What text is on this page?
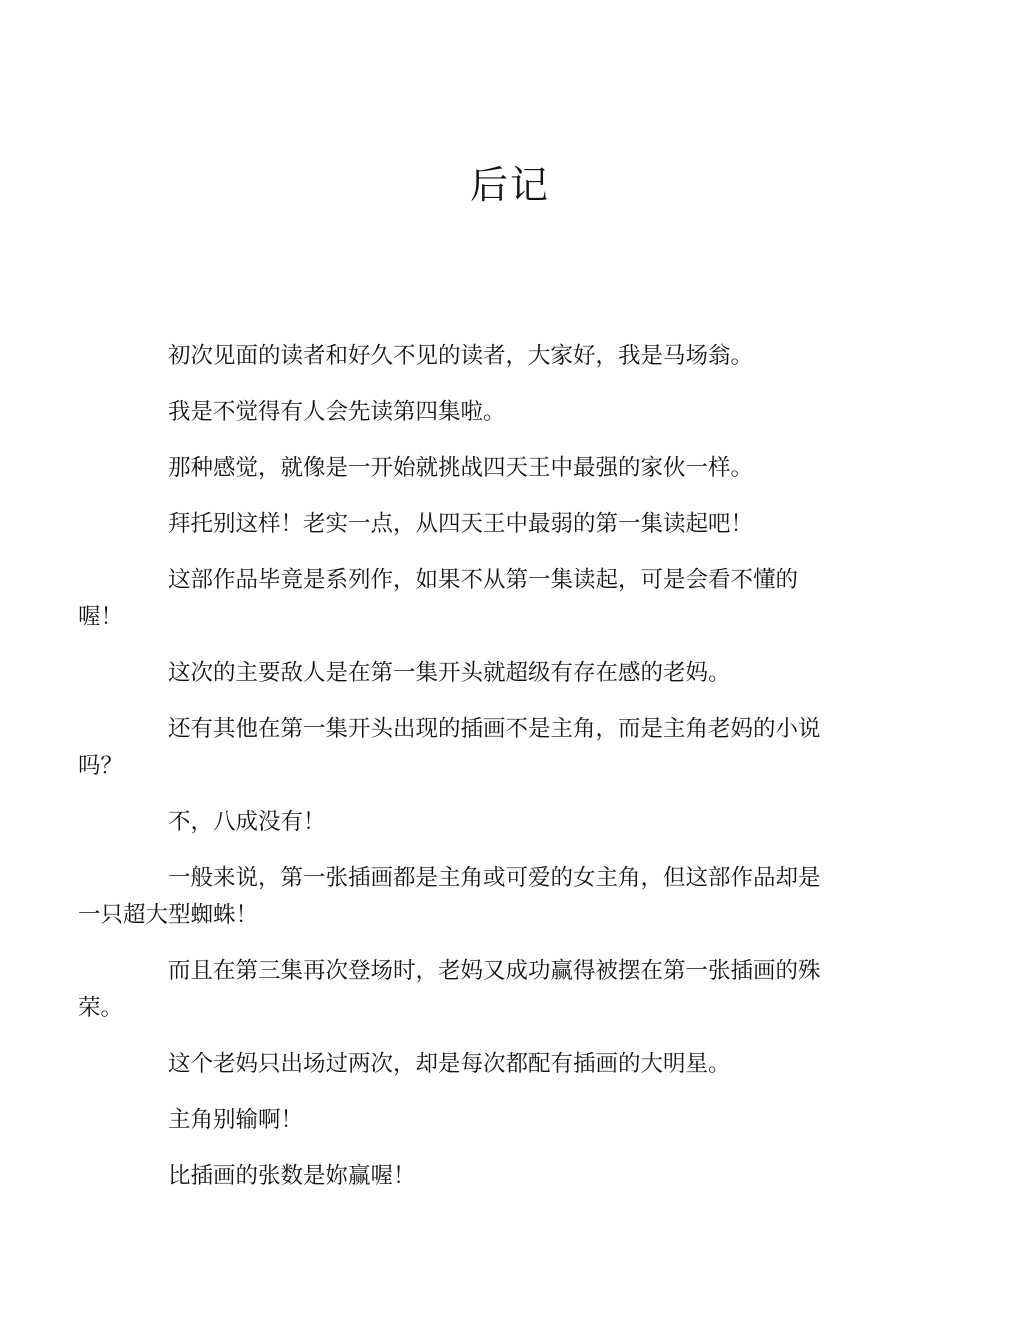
后记

初次见面的读者和好久不见的读者，大家好，我是马场翁。

我是不觉得有人会先读第四集啦。

那种感觉，就像是一开始就挑战四天王中最强的家伙一样。

拜托别这样！老实一点，从四天王中最弱的第一集读起吧！

这部作品毕竟是系列作，如果不从第一集读起，可是会看不懂的
喔！

这次的主要敌人是在第一集开头就超级有存在感的老妈。

还有其他在第一集开头出现的插画不是主角，而是主角老妈的小说
吗？

不，八成没有！

一般来说，第一张插画都是主角或可爱的女主角，但这部作品却是
一只超大型蜘蛛！

而且在第三集再次登场时，老妈又成功赢得被摆在第一张插画的殊
荣。

这个老妈只出场过两次，却是每次都配有插画的大明星。

主角别输啊！

比插画的张数是妳赢喔！
